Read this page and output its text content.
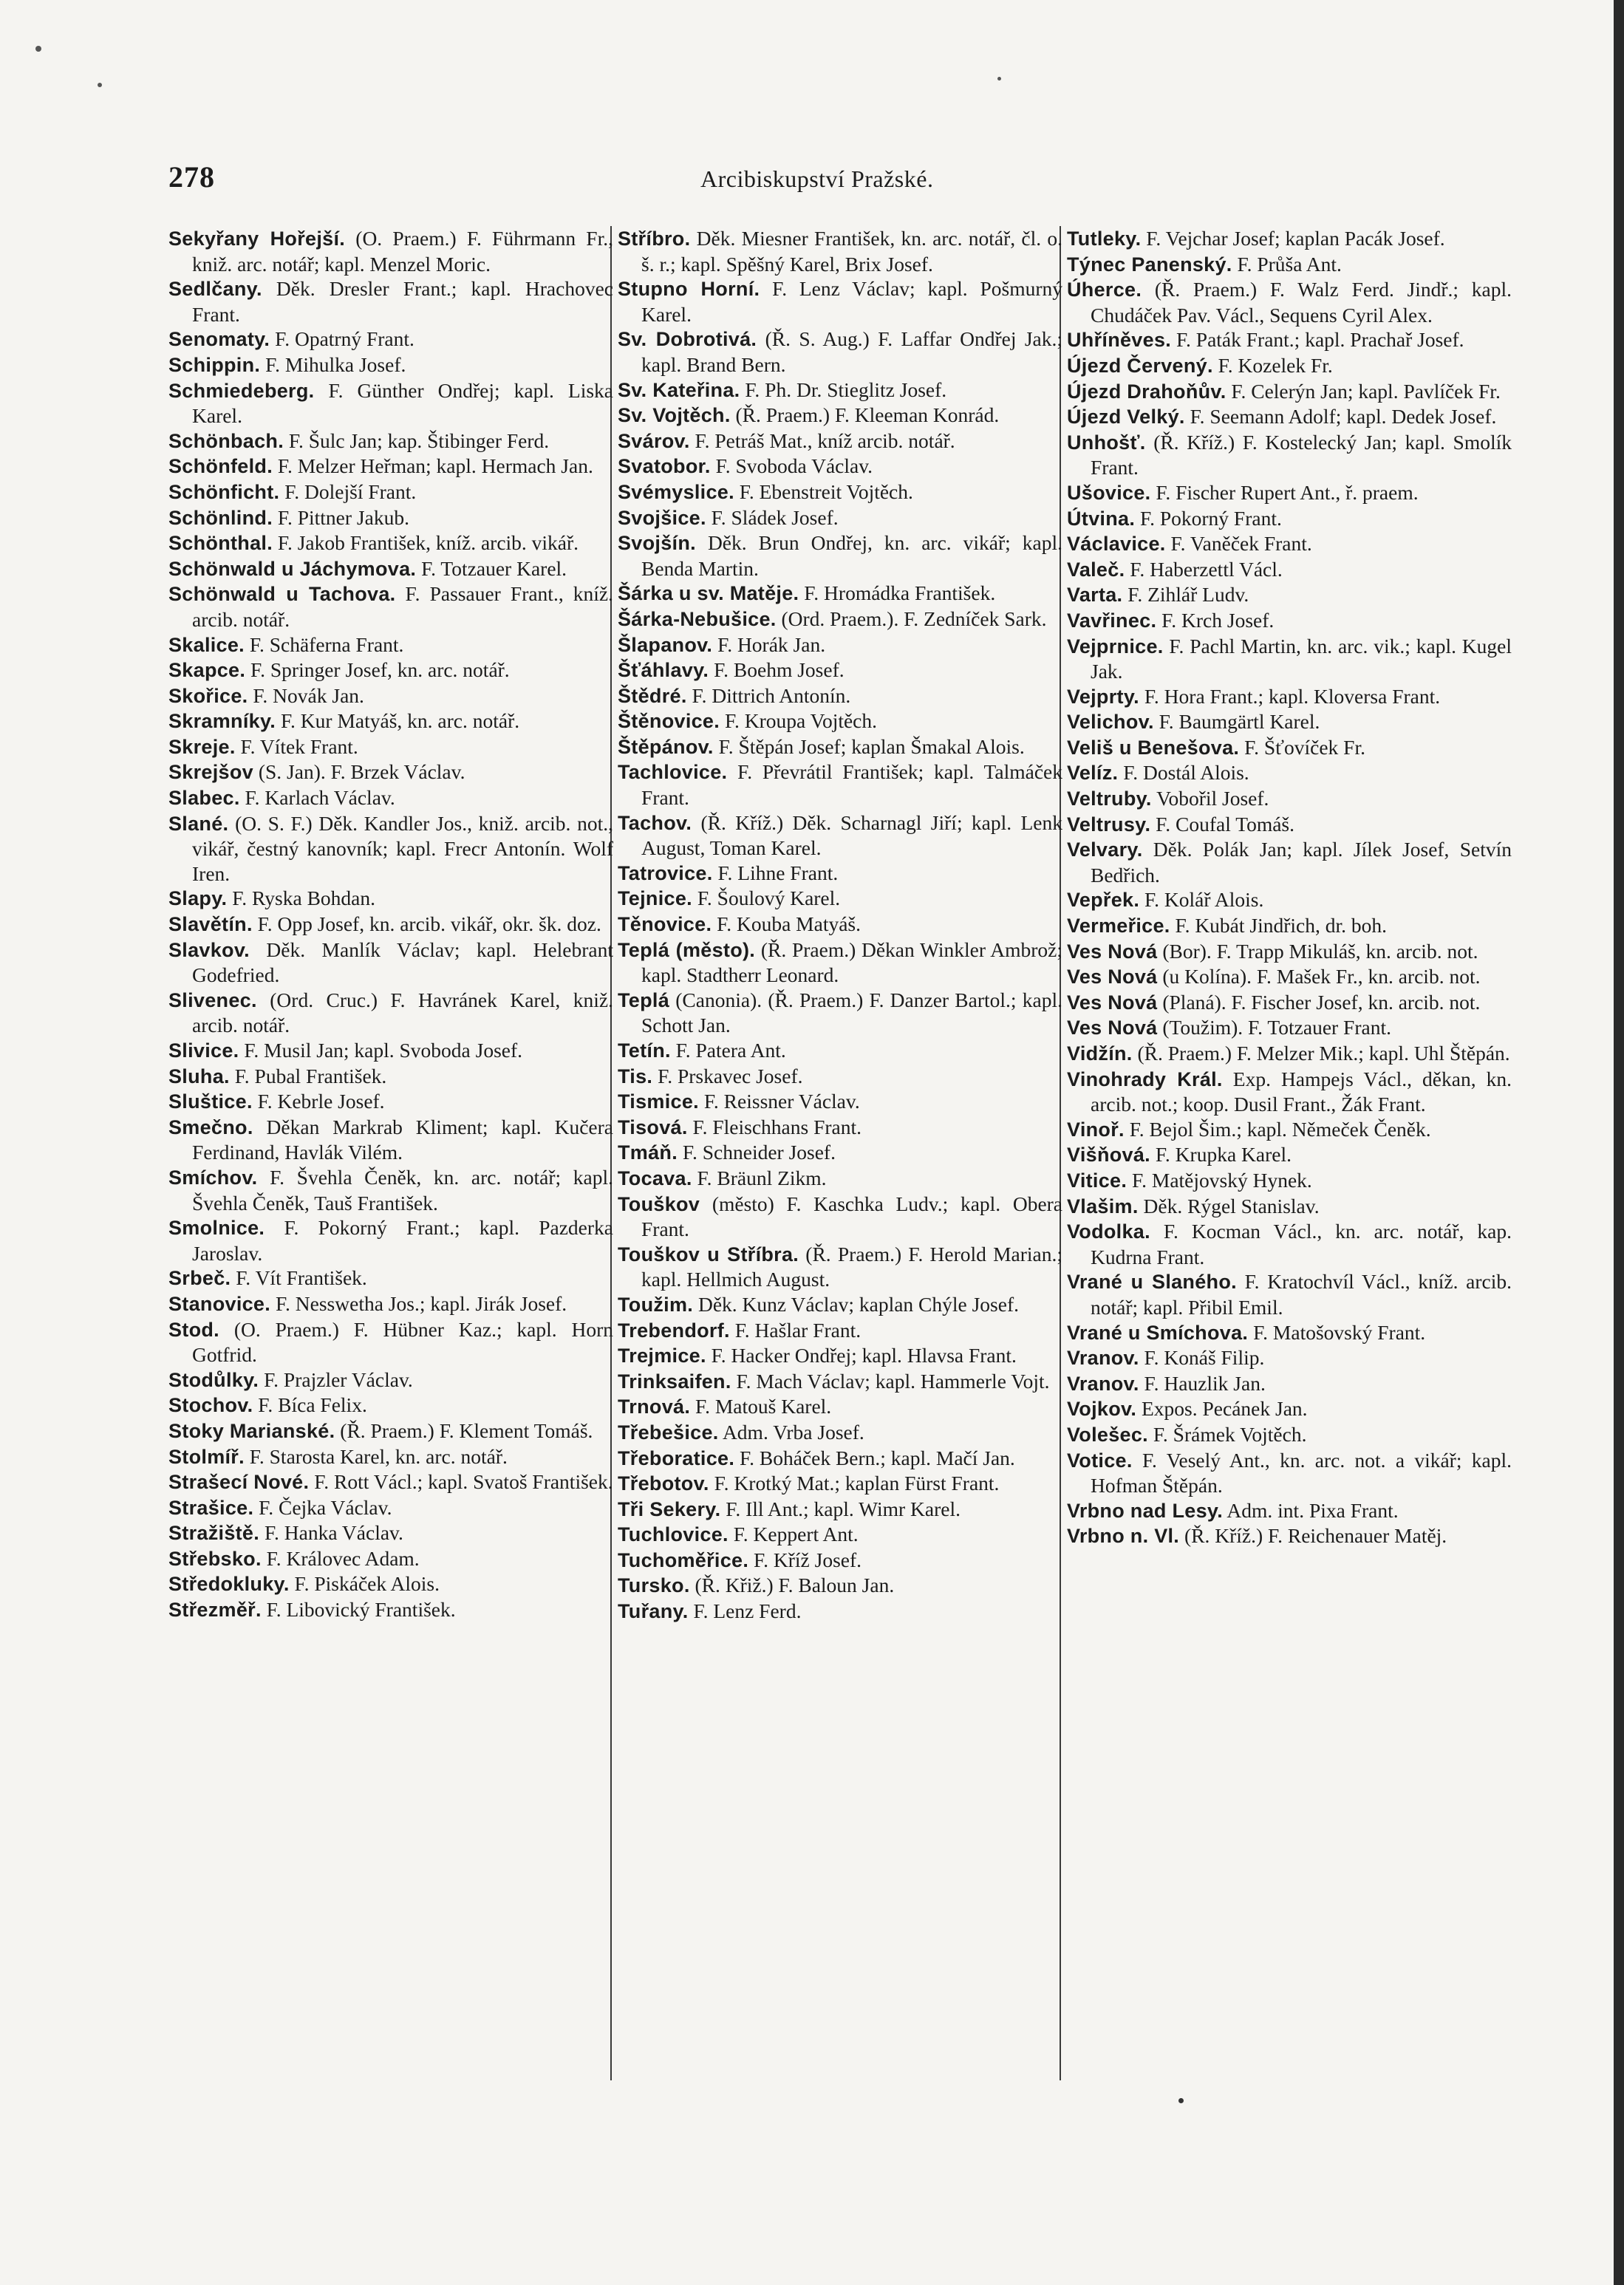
278	Arcibiskupství Pražské.

Sekyřany Hořejší. (O. Praem.) F. Führmann Fr., kniž. arc. notář; kapl. Menzel Moric.

Sedlčany. Děk. Dresler Frant.; kapl. Hrachovec Frant.

Senomaty. F. Opatrný Frant.

Schippin. F. Mihulka Josef.

Schmiedeberg. F. Günther Ondřej; kapl. Liska Karel.

Schönbach. F. Šulc Jan; kap. Štibinger Ferd.

Schönfeld. F. Melzer Heřman; kapl. Hermach Jan.

Schönficht. F. Dolejší Frant.

Schönlind. F. Pittner Jakub.

Schönthal. F. Jakob František, kníž. arcib. vikář.

Schönwald u Jáchymova. F. Totzauer Karel.

Schönwald u Tachova. F. Passauer Frant., kníž. arcib. notář.

Skalice. F. Schäferna Frant.

Skapce. F. Springer Josef, kn. arc. notář.

Skořice. F. Novák Jan.

Skramníky. F. Kur Matyáš, kn. arc. notář.

Skreje. F. Vítek Frant.

Skrejšov (S. Jan). F. Brzek Václav.

Slabec. F. Karlach Václav.

Slané. (O. S. F.) Děk. Kandler Jos., kniž. arcib. not., vikář, čestný kanovník; kapl. Frecr Antonín. Wolf Iren.

Slapy. F. Ryska Bohdan.

Slavětín. F. Opp Josef, kn. arcib. vikář, okr. šk. doz.

Slavkov. Děk. Manlík Václav; kapl. Helebrant Godefried.

Slivenec. (Ord. Cruc.) F. Havránek Karel, kniž. arcib. notář.

Slivice. F. Musil Jan; kapl. Svoboda Josef.

Sluha. F. Pubal František.

Sluštice. F. Kebrle Josef.

Smečno. Děkan Markrab Kliment; kapl. Kučera Ferdinand, Havlák Vilém.

Smíchov. F. Švehla Čeněk, kn. arc. notář; kapl. Švehla Čeněk, Tauš František.

Smolnice. F. Pokorný Frant.; kapl. Pazderka Jaroslav.

Srbeč. F. Vít František.

Stanovice. F. Nesswetha Jos.; kapl. Jirák Josef.

Stod. (O. Praem.) F. Hübner Kaz.; kapl. Horn Gotfrid.

Stodůlky. F. Prajzler Václav.

Stochov. F. Bíca Felix.

Stoky Marianské. (Ř. Praem.) F. Klement Tomáš.

Stolmíř. F. Starosta Karel, kn. arc. notář.

Strašecí Nové. F. Rott Václ.; kapl. Svatoš František.

Strašice. F. Čejka Václav.

Stražiště. F. Hanka Václav.

Střebsko. F. Královec Adam.

Středokluky. F. Piskáček Alois.

Střezměř. F. Libovický František.

Stříbro. Děk. Miesner František, kn. arc. notář, čl. o. š. r.; kapl. Spěšný Karel, Brix Josef.

Stupno Horní. F. Lenz Václav; kapl. Pošmurný Karel.

Sv. Dobrotivá. (Ř. S. Aug.) F. Laffar Ondřej Jak.; kapl. Brand Bern.

Sv. Kateřina. F. Ph. Dr. Stieglitz Josef.

Sv. Vojtěch. (Ř. Praem.) F. Kleeman Konrád.

Svárov. F. Petráš Mat., kníž arcib. notář.

Svatobor. F. Svoboda Václav.

Svémyslice. F. Ebenstreit Vojtěch.

Svojšice. F. Sládek Josef.

Svojšín. Děk. Brun Ondřej, kn. arc. vikář; kapl. Benda Martin.

Šárka u sv. Matěje. F. Hromádka František.

Šárka-Nebušice. (Ord. Praem.). F. Zedníček Sark.

Šlapanov. F. Horák Jan.

Šťáhlavy. F. Boehm Josef.

Štědré. F. Dittrich Antonín.

Štěnovice. F. Kroupa Vojtěch.

Štěpánov. F. Štěpán Josef; kaplan Šmakal Alois.

Tachlovice. F. Převrátil František; kapl. Talmáček Frant.

Tachov. (Ř. Kříž.) Děk. Scharnagl Jiří; kapl. Lenk August, Toman Karel.

Tatrovice. F. Lihne Frant.

Tejnice. F. Šoulový Karel.

Těnovice. F. Kouba Matyáš.

Teplá (město). (Ř. Praem.) Děkan Winkler Ambrož; kapl. Stadtherr Leonard.

Teplá (Canonia). (Ř. Praem.) F. Danzer Bartol.; kapl. Schott Jan.

Tetín. F. Patera Ant.

Tis. F. Prskavec Josef.

Tismice. F. Reissner Václav.

Tisová. F. Fleischhans Frant.

Tmáň. F. Schneider Josef.

Tocava. F. Bräunl Zikm.

Touškov (město) F. Kaschka Ludv.; kapl. Obera Frant.

Touškov u Stříbra. (Ř. Praem.) F. Herold Marian.; kapl. Hellmich August.

Toužim. Děk. Kunz Václav; kaplan Chýle Josef.

Trebendorf. F. Hašlar Frant.

Trejmice. F. Hacker Ondřej; kapl. Hlavsa Frant.

Trinksaifen. F. Mach Václav; kapl. Hammerle Vojt.

Trnová. F. Matouš Karel.

Třebešice. Adm. Vrba Josef.

Třeboratice. F. Boháček Bern.; kapl. Mačí Jan.

Třebotov. F. Krotký Mat.; kaplan Fürst Frant.

Tři Sekery. F. Ill Ant.; kapl. Wimr Karel.

Tuchlovice. F. Keppert Ant.

Tuchoměřice. F. Kříž Josef.

Tursko. (Ř. Křiž.) F. Baloun Jan.

Tuřany. F. Lenz Ferd.

Tutleky. F. Vejchar Josef; kaplan Pacák Josef.

Týnec Panenský. F. Průša Ant.

Úherce. (Ř. Praem.) F. Walz Ferd. Jindř.; kapl. Chudáček Pav. Václ., Sequens Cyril Alex.

Uhříněves. F. Paták Frant.; kapl. Prachař Josef.

Újezd Červený. F. Kozelek Fr.

Újezd Drahoňův. F. Celerýn Jan; kapl. Pavlíček Fr.

Újezd Velký. F. Seemann Adolf; kapl. Dedek Josef.

Unhošť. (Ř. Kříž.) F. Kostelecký Jan; kapl. Smolík Frant.

Ušovice. F. Fischer Rupert Ant., ř. praem.

Útvina. F. Pokorný Frant.

Václavice. F. Vaněček Frant.

Valeč. F. Haberzettl Václ.

Varta. F. Zihlář Ludv.

Vavřinec. F. Krch Josef.

Vejprnice. F. Pachl Martin, kn. arc. vik.; kapl. Kugel Jak.

Vejprty. F. Hora Frant.; kapl. Kloversa Frant.

Velichov. F. Baumgärtl Karel.

Veliš u Benešova. F. Šťovíček Fr.

Velíz. F. Dostál Alois.

Veltruby. Vobořil Josef.

Veltrusy. F. Coufal Tomáš.

Velvary. Děk. Polák Jan; kapl. Jílek Josef, Setvín Bedřich.

Vepřek. F. Kolář Alois.

Vermeřice. F. Kubát Jindřich, dr. boh.

Ves Nová (Bor). F. Trapp Mikuláš, kn. arcib. not.

Ves Nová (u Kolína). F. Mašek Fr., kn. arcib. not.

Ves Nová (Planá). F. Fischer Josef, kn. arcib. not.

Ves Nová (Toužim). F. Totzauer Frant.

Vidžín. (Ř. Praem.) F. Melzer Mik.; kapl. Uhl Štěpán.

Vinohrady Král. Exp. Hampejs Václ., děkan, kn. arcib. not.; koop. Dusil Frant., Žák Frant.

Vinoř. F. Bejol Šim.; kapl. Němeček Čeněk.

Višňová. F. Krupka Karel.

Vitice. F. Matějovský Hynek.

Vlašim. Děk. Rýgel Stanislav.

Vodolka. F. Kocman Václ., kn. arc. notář, kap. Kudrna Frant.

Vrané u Slaného. F. Kratochvíl Václ., kníž. arcib. notář; kapl. Přibil Emil.

Vrané u Smíchova. F. Matošovský Frant.

Vranov. F. Konáš Filip.

Vranov. F. Hauzlik Jan.

Vojkov. Expos. Pecánek Jan.

Volešec. F. Šrámek Vojtěch.

Votice. F. Veselý Ant., kn. arc. not. a vikář; kapl. Hofman Štěpán.

Vrbno nad Lesy. Adm. int. Pixa Frant.

Vrbno n. Vl. (Ř. Kříž.) F. Reichenauer Matěj.
